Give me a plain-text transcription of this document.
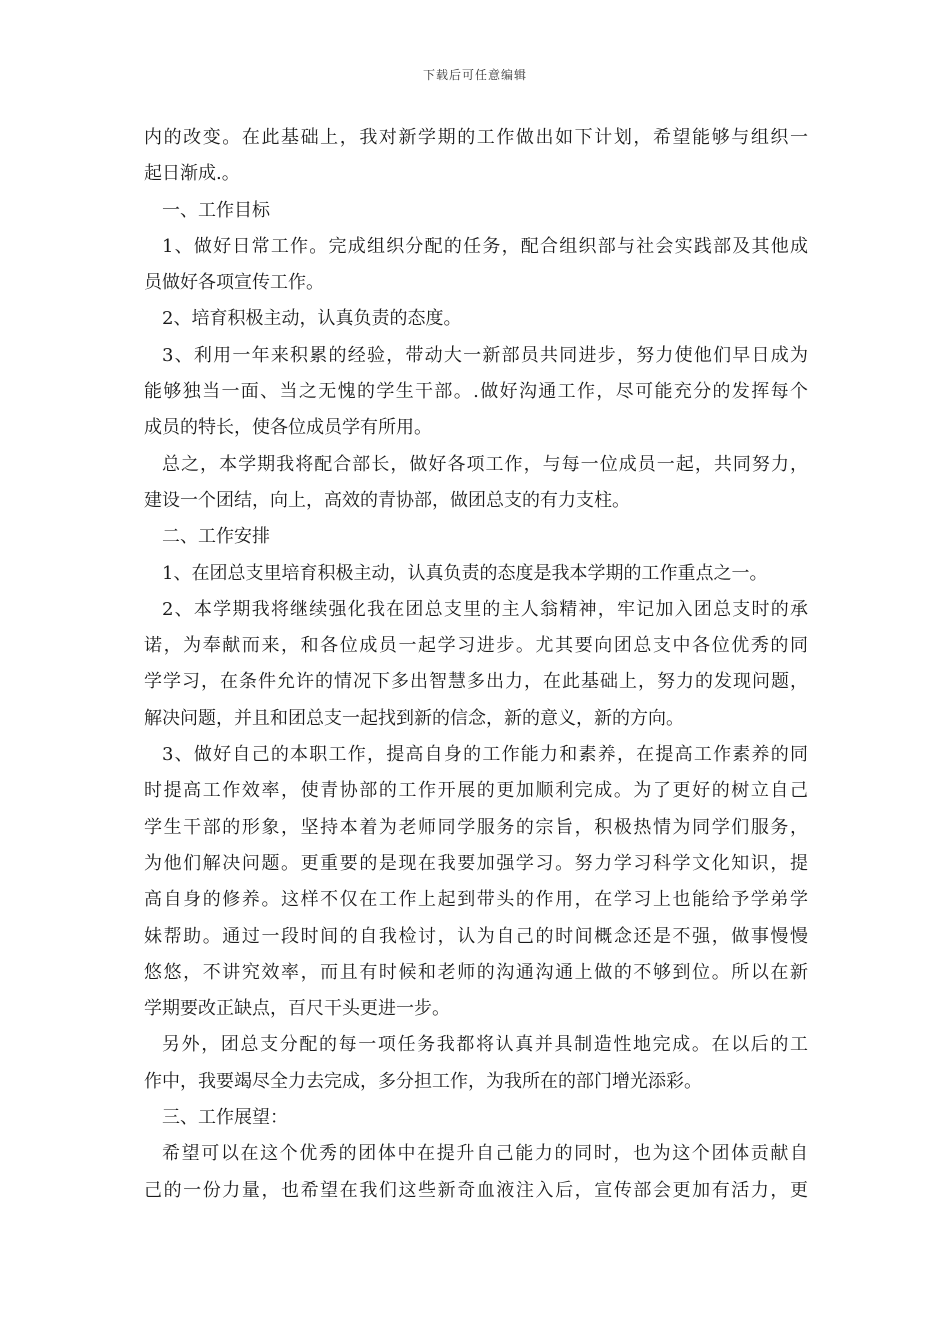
下载后可任意编辑
内的改变。在此基础上，我对新学期的工作做出如下计划，希望能够与组织一
起日渐成.。
一、工作目标
1、做好日常工作。完成组织分配的任务，配合组织部与社会实践部及其他成
员做好各项宣传工作。
2、培育积极主动，认真负责的态度。
3、利用一年来积累的经验，带动大一新部员共同进步，努力使他们早日成为
能够独当一面、当之无愧的学生干部。.做好沟通工作，尽可能充分的发挥每个
成员的特长，使各位成员学有所用。
总之，本学期我将配合部长，做好各项工作，与每一位成员一起，共同努力，
建设一个团结，向上，高效的青协部，做团总支的有力支柱。
二、工作安排
1、在团总支里培育积极主动，认真负责的态度是我本学期的工作重点之一。
2、本学期我将继续强化我在团总支里的主人翁精神，牢记加入团总支时的承
诺，为奉献而来，和各位成员一起学习进步。尤其要向团总支中各位优秀的同
学学习，在条件允许的情况下多出智慧多出力，在此基础上，努力的发现问题，
解决问题，并且和团总支一起找到新的信念，新的意义，新的方向。
3、做好自己的本职工作，提高自身的工作能力和素养，在提高工作素养的同
时提高工作效率，使青协部的工作开展的更加顺利完成。为了更好的树立自己
学生干部的形象，坚持本着为老师同学服务的宗旨，积极热情为同学们服务，
为他们解决问题。更重要的是现在我要加强学习。努力学习科学文化知识，提
高自身的修养。这样不仅在工作上起到带头的作用，在学习上也能给予学弟学
妹帮助。通过一段时间的自我检讨，认为自己的时间概念还是不强，做事慢慢
悠悠，不讲究效率，而且有时候和老师的沟通沟通上做的不够到位。所以在新
学期要改正缺点，百尺干头更进一步。
另外，团总支分配的每一项任务我都将认真并具制造性地完成。在以后的工
作中，我要竭尽全力去完成，多分担工作，为我所在的部门增光添彩。
三、工作展望：
希望可以在这个优秀的团体中在提升自己能力的同时，也为这个团体贡献自
己的一份力量，也希望在我们这些新奇血液注入后，宣传部会更加有活力，更
